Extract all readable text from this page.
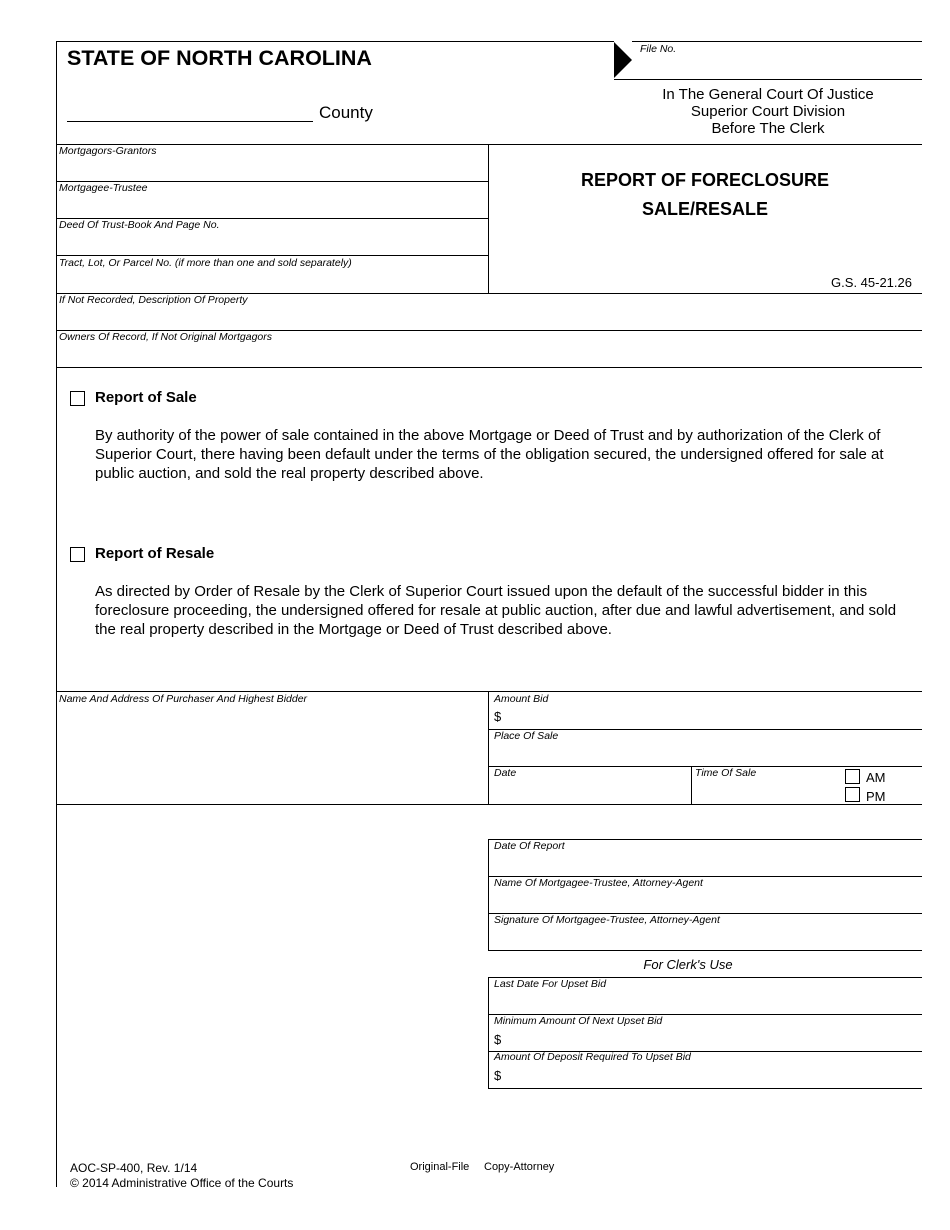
STATE OF NORTH CAROLINA
County
File No.
In The General Court Of Justice
Superior Court Division
Before The Clerk
Mortgagors-Grantors
Mortgagee-Trustee
Deed Of Trust-Book And Page No.
Tract, Lot, Or Parcel No. (if more than one and sold separately)
REPORT OF FORECLOSURE
SALE/RESALE
G.S. 45-21.26
If Not Recorded, Description Of Property
Owners Of Record, If Not Original Mortgagors
Report of Sale
By authority of the power of sale contained in the above Mortgage or Deed of Trust and by authorization of the Clerk of Superior Court, there having been default under the terms of the obligation secured, the undersigned offered for sale at public auction, and sold the real property described above.
Report of Resale
As directed by Order of Resale by the Clerk of Superior Court issued upon the default of the successful bidder in this foreclosure proceeding, the undersigned offered for resale at public auction, after due and lawful advertisement, and sold the real property described in the Mortgage or Deed of Trust described above.
Name And Address Of Purchaser And Highest Bidder	Amount Bid
$
Place Of Sale
Date	Time Of Sale	AM
PM
Date Of Report
Name Of Mortgagee-Trustee, Attorney-Agent
Signature Of Mortgagee-Trustee, Attorney-Agent
For Clerk's Use
Last Date For Upset Bid
Minimum Amount Of Next Upset Bid
$
Amount Of Deposit Required To Upset Bid
$
AOC-SP-400, Rev. 1/14
© 2014 Administrative Office of the Courts
Original-File Copy-Attorney
